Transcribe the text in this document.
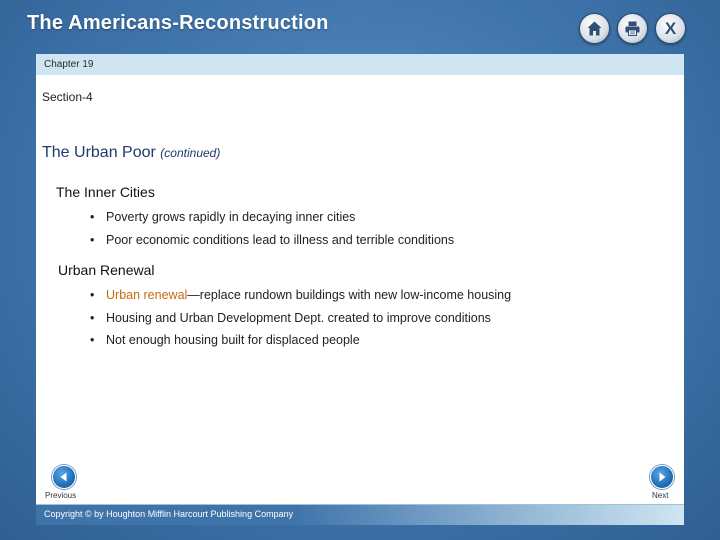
The Americans-Reconstruction	X
Chapter 19
Section-4
The Urban Poor (continued)
The Inner Cities
• Poverty grows rapidly in decaying inner cities
• Poor economic conditions lead to illness and terrible conditions
Urban Renewal
• Urban renewal—replace rundown buildings with new low-income housing
• Housing and Urban Development Dept. created to improve conditions
• Not enough housing built for displaced people
Previous	Next
Copyright © by Houghton Mifflin Harcourt Publishing Company
